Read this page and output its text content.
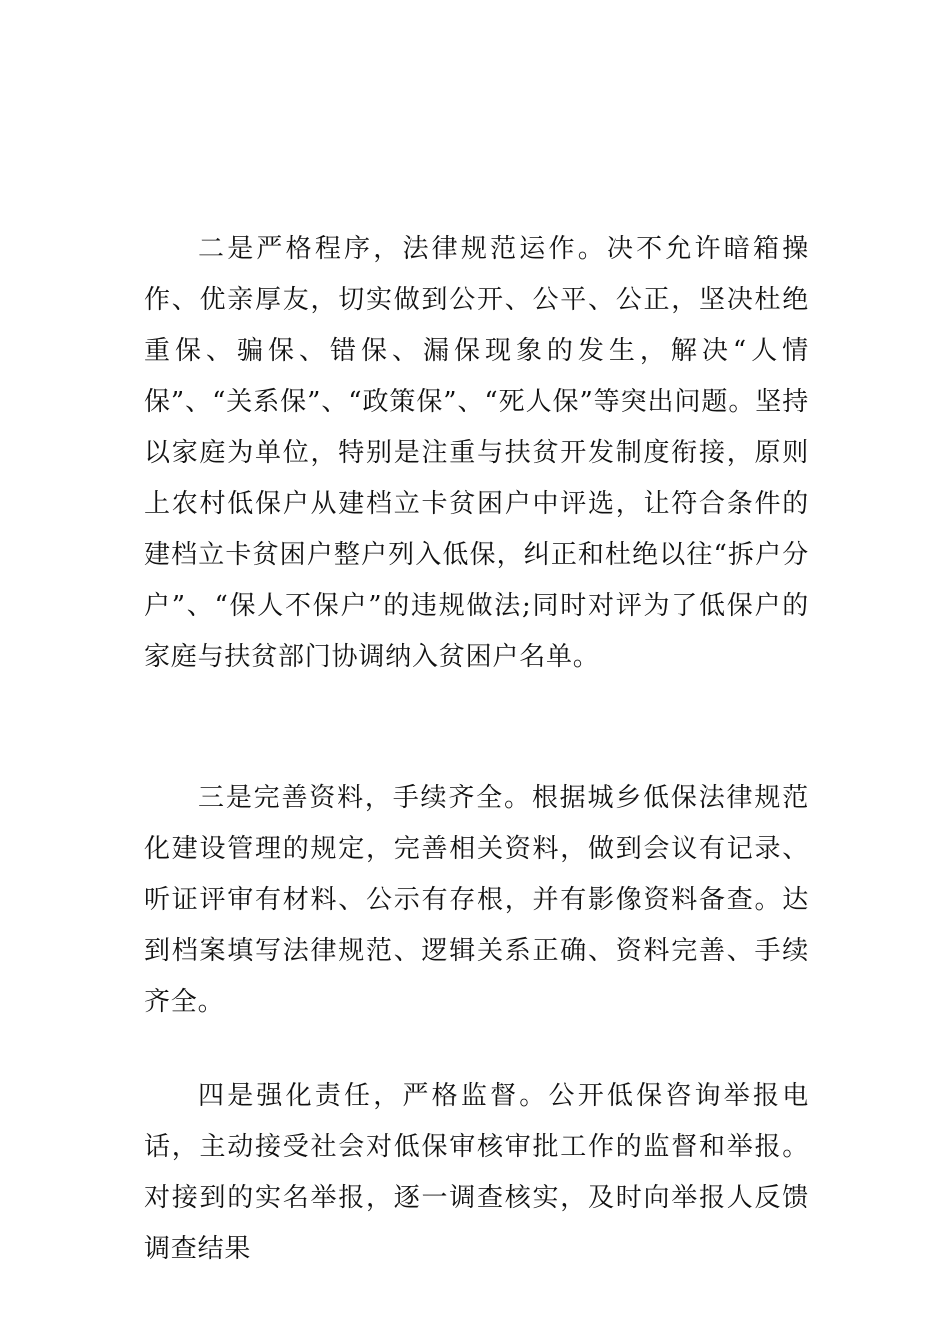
二是严格程序，法律规范运作。决不允许暗箱操作、优亲厚友，切实做到公开、公平、公正，坚决杜绝重保、骗保、错保、漏保现象的发生，解决“人情保”、“关系保”、“政策保”、“死人保”等突出问题。坚持以家庭为单位，特别是注重与扶贫开发制度衔接，原则上农村低保户从建档立卡贫困户中评选，让符合条件的建档立卡贫困户整户列入低保，纠正和杜绝以往“拆户分户”、“保人不保户”的违规做法;同时对评为了低保户的家庭与扶贫部门协调纳入贫困户名单。

三是完善资料，手续齐全。根据城乡低保法律规范化建设管理的规定，完善相关资料，做到会议有记录、听证评审有材料、公示有存根，并有影像资料备查。达到档案填写法律规范、逻辑关系正确、资料完善、手续齐全。

四是强化责任，严格监督。公开低保咨询举报电话，主动接受社会对低保审核审批工作的监督和举报。对接到的实名举报，逐一调查核实，及时向举报人反馈调查结果
